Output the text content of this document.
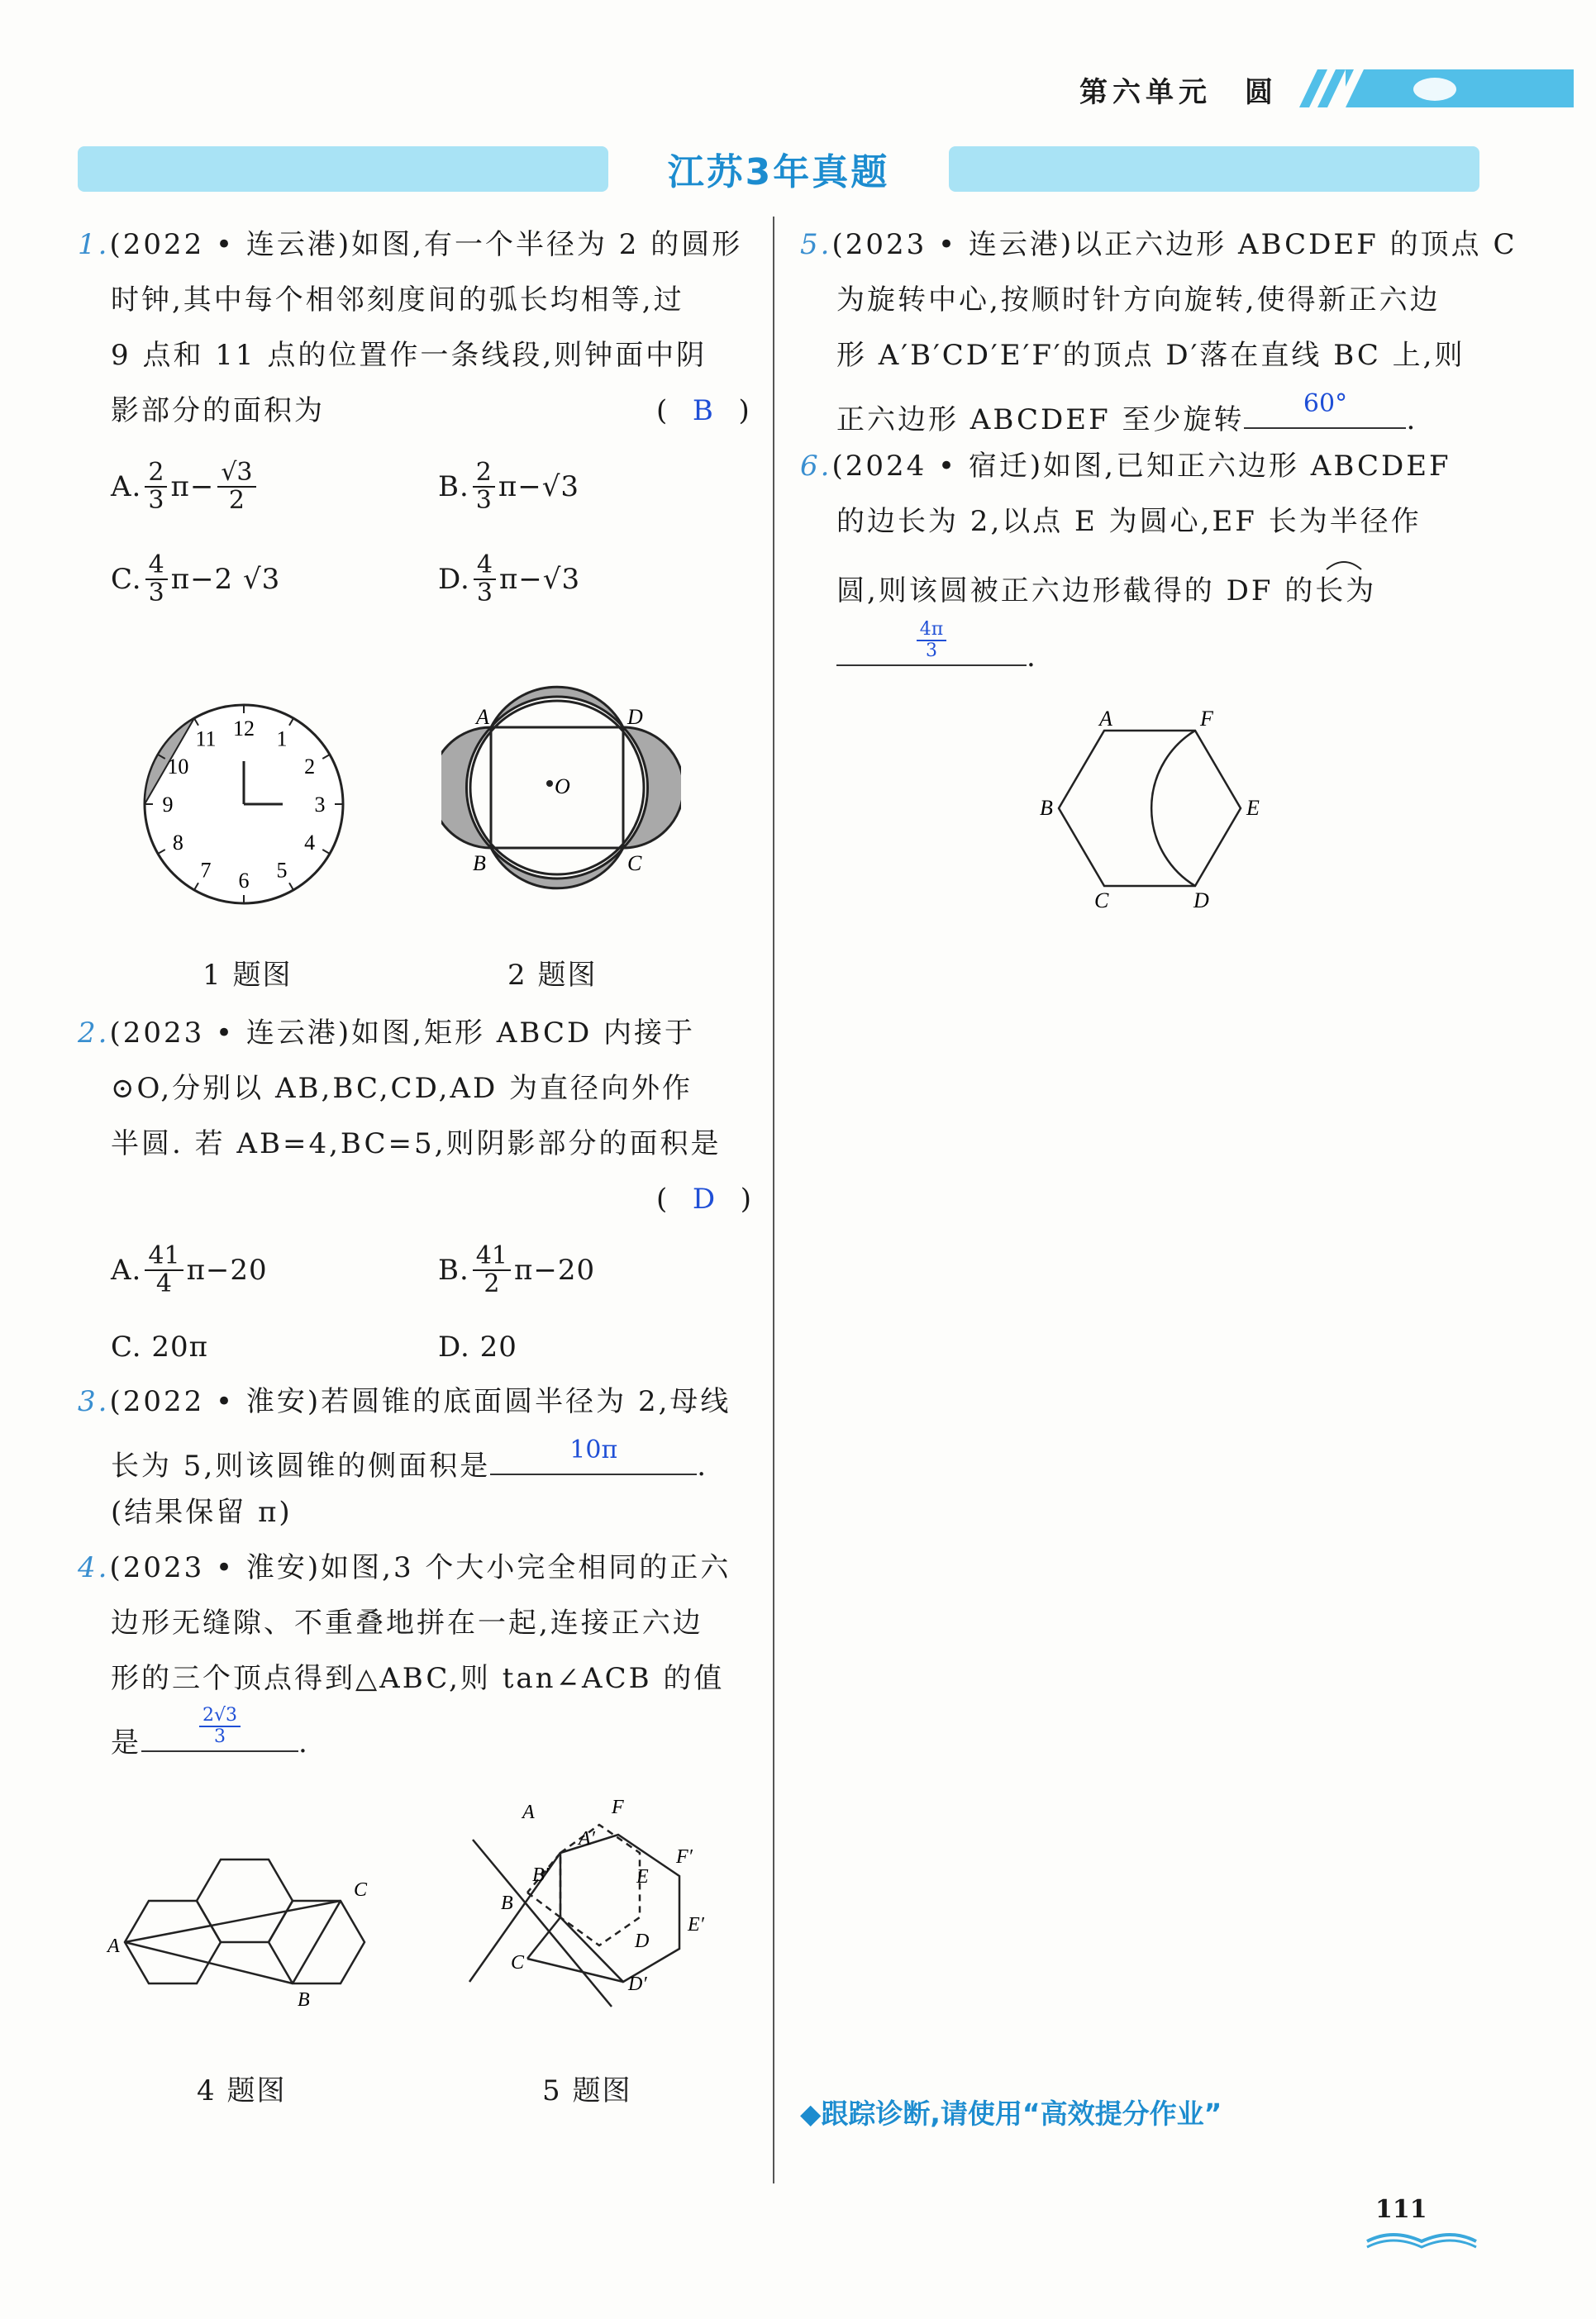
第六单元　圆
江苏3年真题
1.(2022 • 连云港)如图,有一个半径为 2 的圆形
时钟,其中每个相邻刻度间的弧长均相等,过
9 点和 11 点的位置作一条线段,则钟面中阴
影部分的面积为	(  B  )
A. $\frac{2}{3} \pi- \frac{√3}{2}$	B. $\frac{2}{3} \pi-√3$
C. $\frac{4}{3} \pi-2$ √3	D. $\frac{4}{3} \pi-√3$
12 1
2
3
4
5
6
7
8
9
10
11
A	D
B	C
O
1 题图	2 题图
2.(2023 • 连云港)如图,矩形 ABCD 内接于
⊙O,分别以 AB,BC,CD,AD 为直径向外作
半圆. 若 AB=4,BC=5,则阴影部分的面积是
(  D  )
A. $\frac{41}{4} \pi-20$	B. $\frac{41}{2} \pi-20$
C. 20π	D. 20
3.(2022 • 淮安)若圆锥的底面圆半径为 2,母线
长为 5,则该圆锥的侧面积是	10π	.
(结果保留 π)
4.(2023 • 淮安)如图,3 个大小完全相同的正六
边形无缝隙、不重叠地拼在一起,连接正六边
形的三个顶点得到△ABC,则 tan∠ACB 的值
是	$\frac{2√3}{3}$ .
A
B
C
A	F
A′
F′
B′	E
B
E′
D
C
D′
4 题图	5 题图
5.(2023 • 连云港)以正六边形 ABCDEF 的顶点 C
为旋转中心,按顺时针方向旋转,使得新正六边
形 A′B′CD′E′F′的顶点 D′落在直线 BC 上,则
正六边形 ABCDEF 至少旋转	60°	.
6.(2024 • 宿迁)如图,已知正六边形 ABCDEF
的边长为 2,以点 E 为圆心,EF 长为半径作
圆,则该圆被正六边形截得的 DF 的长为
$\frac{4\pi}{3}$	.
A	F
B	E
C	D
◆跟踪诊断,请使用“高效提分作业”
111
